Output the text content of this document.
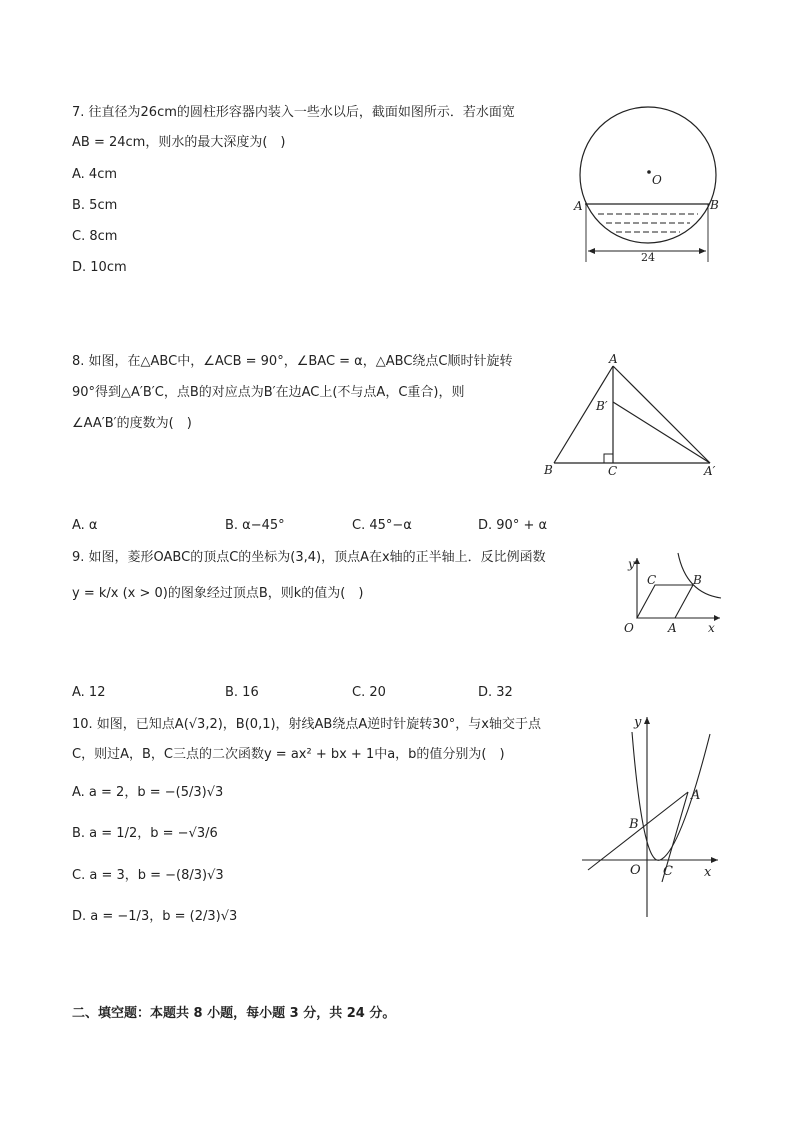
7. 往直径为26cm的圆柱形容器内装入一些水以后，截面如图所示．若水面宽
AB = 24cm，则水的最大深度为(　)
A. 4cm
B. 5cm
C. 8cm
D. 10cm
O
A	B
24
8. 如图，在△ABC中，∠ACB = 90°，∠BAC = α，△ABC绕点C顺时针旋转
90°得到△A′B′C，点B的对应点为B′在边AC上(不与点A，C重合)，则
∠AA′B′的度数为(　)
A
B′
B	C	A′
A. α	B. α−45°	C. 45°−α	D. 90° + α
9. 如图，菱形OABC的顶点C的坐标为(3,4)，顶点A在x轴的正半轴上．反比例函数
y = k/x (x > 0)的图象经过顶点B，则k的值为(　)
y
x
O	A
B
C
A. 12	B. 16	C. 20	D. 32
10. 如图，已知点A(√3,2)，B(0,1)，射线AB绕点A逆时针旋转30°，与x轴交于点
C，则过A，B，C三点的二次函数y = ax² + bx + 1中a，b的值分别为(　)
A. a = 2，b = −(5/3)√3
B. a = 1/2，b = −√3/6
C. a = 3，b = −(8/3)√3
D. a = −1/3，b = (2/3)√3
y
x
O
B
A
C
二、填空题：本题共 8 小题，每小题 3 分，共 24 分。
